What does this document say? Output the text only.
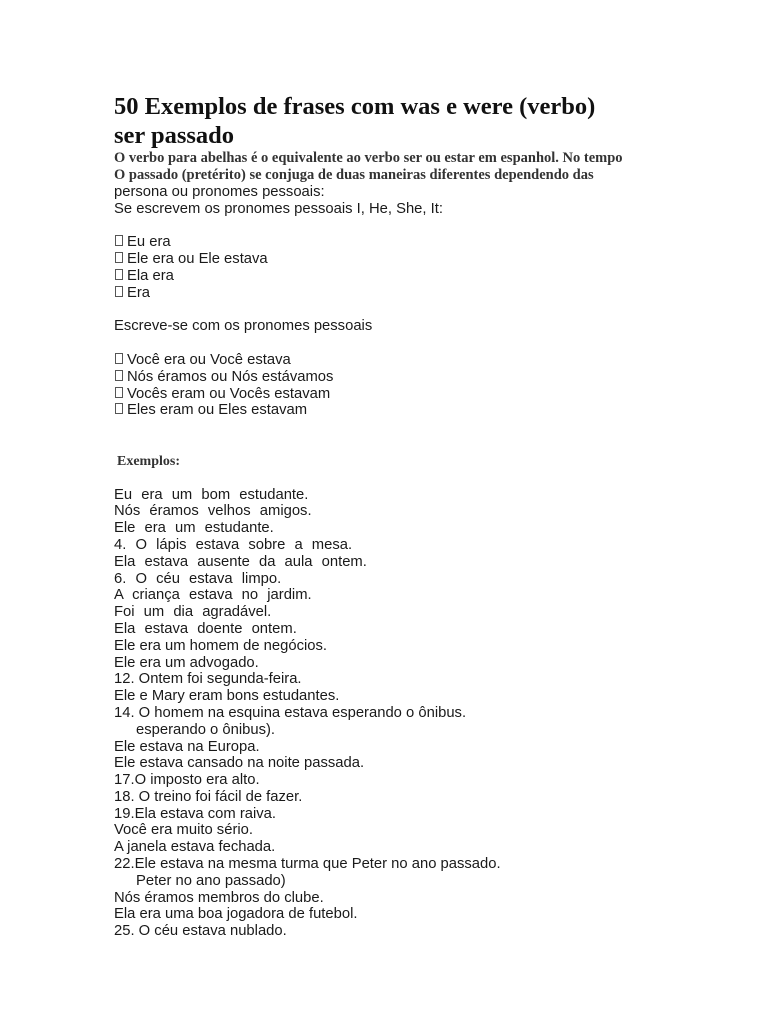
50 Exemplos de frases com was e were (verbo)
ser passado
O verbo para abelhas é o equivalente ao verbo ser ou estar em espanhol. No tempo
O passado (pretérito) se conjuga de duas maneiras diferentes dependendo das
persona ou pronomes pessoais:
Se escrevem os pronomes pessoais I, He, She, It:
Eu era
Ele era ou Ele estava
Ela era
Era
Escreve-se com os pronomes pessoais
Você era ou Você estava
Nós éramos ou Nós estávamos
Vocês eram ou Vocês estavam
Eles eram ou Eles estavam
Exemplos:
Eu era um bom estudante.
Nós éramos velhos amigos.
Ele era um estudante.
4. O lápis estava sobre a mesa.
Ela estava ausente da aula ontem.
6. O céu estava limpo.
A criança estava no jardim.
Foi um dia agradável.
Ela estava doente ontem.
Ele era um homem de negócios.
Ele era um advogado.
12. Ontem foi segunda-feira.
Ele e Mary eram bons estudantes.
14. O homem na esquina estava esperando o ônibus.
esperando o ônibus).
Ele estava na Europa.
Ele estava cansado na noite passada.
17.O imposto era alto.
18. O treino foi fácil de fazer.
19.Ela estava com raiva.
Você era muito sério.
A janela estava fechada.
22.Ele estava na mesma turma que Peter no ano passado.
Peter no ano passado)
Nós éramos membros do clube.
Ela era uma boa jogadora de futebol.
25. O céu estava nublado.
